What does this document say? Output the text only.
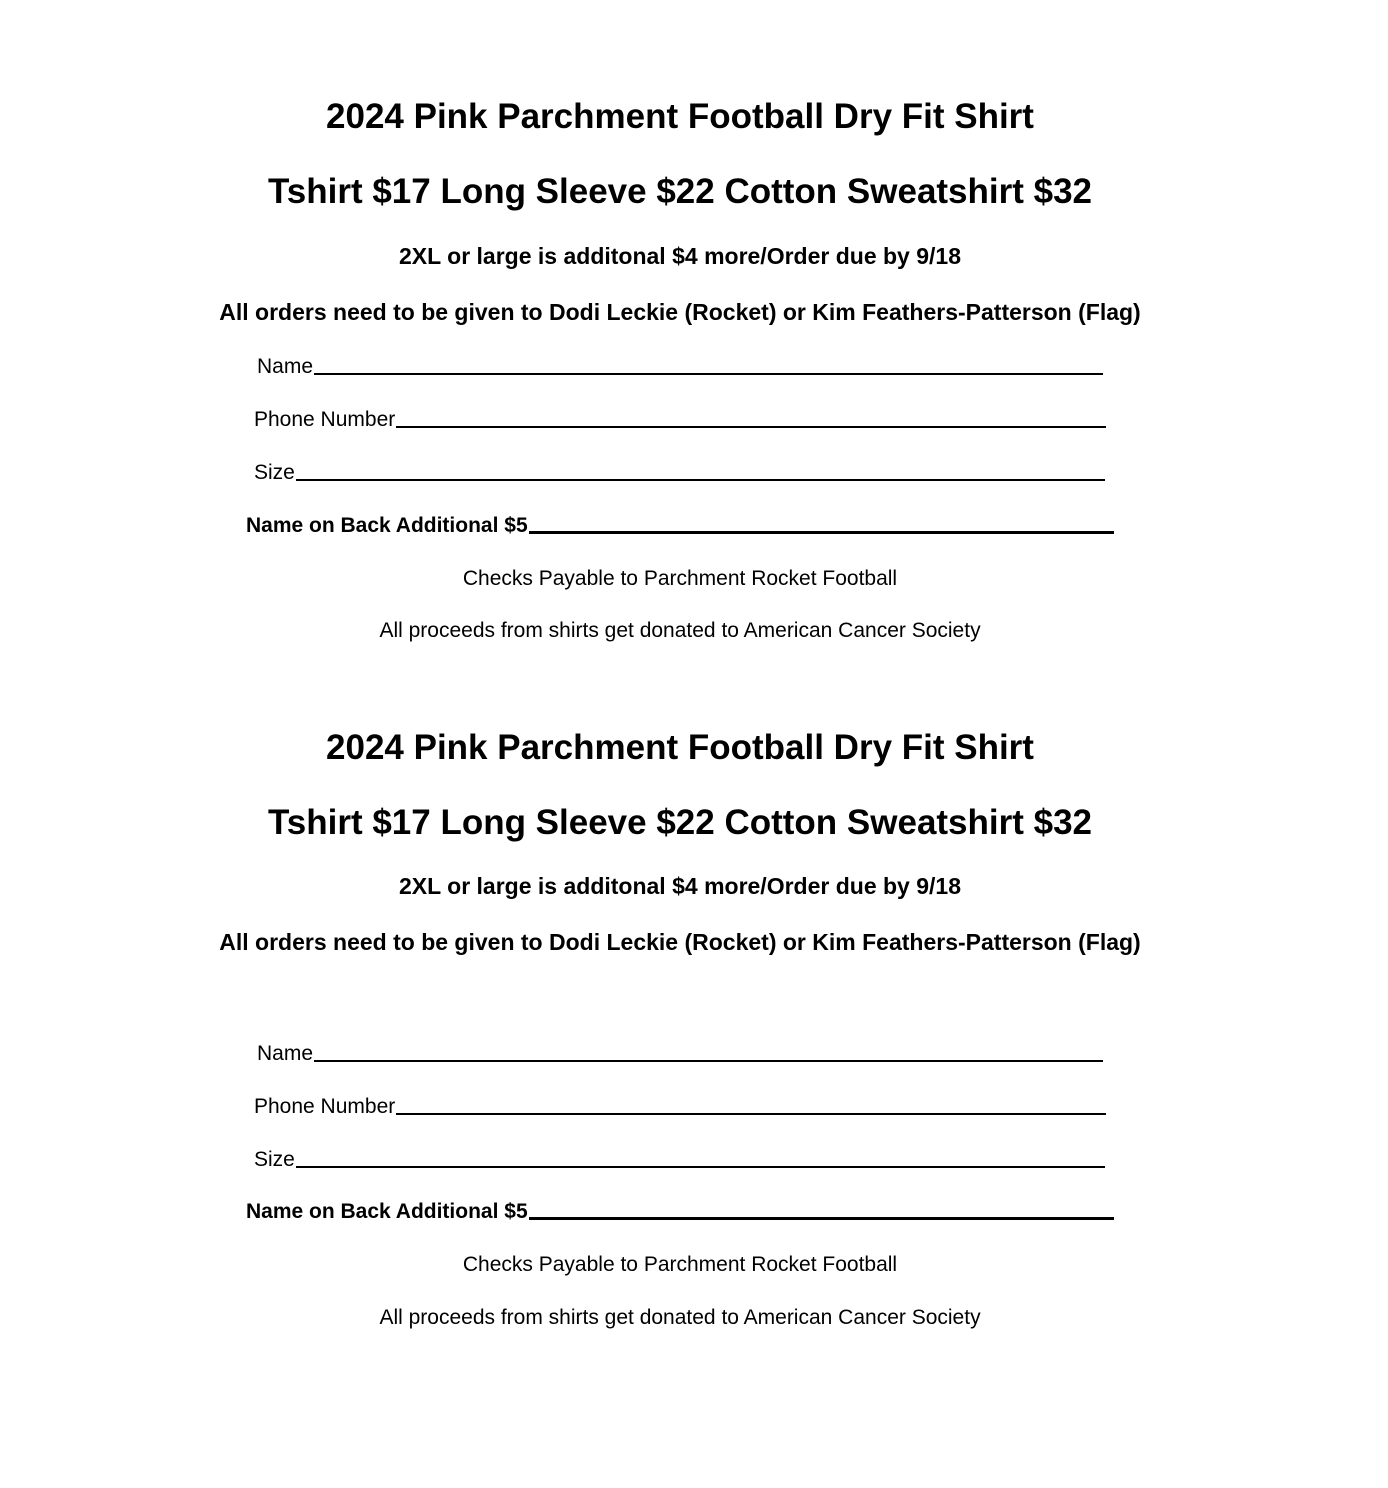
2024 Pink Parchment Football Dry Fit Shirt
Tshirt $17 Long Sleeve $22 Cotton Sweatshirt $32
2XL or large is additonal $4 more/Order due by 9/18
All orders need to be given to Dodi Leckie (Rocket) or Kim Feathers-Patterson (Flag)
Name
Phone Number
Size
Name on Back Additional $5
Checks Payable to Parchment Rocket Football
All proceeds from shirts get donated to American Cancer Society
2024 Pink Parchment Football Dry Fit Shirt
Tshirt $17 Long Sleeve $22 Cotton Sweatshirt $32
2XL or large is additonal $4 more/Order due by 9/18
All orders need to be given to Dodi Leckie (Rocket) or Kim Feathers-Patterson (Flag)
Name
Phone Number
Size
Name on Back Additional $5
Checks Payable to Parchment Rocket Football
All proceeds from shirts get donated to American Cancer Society
